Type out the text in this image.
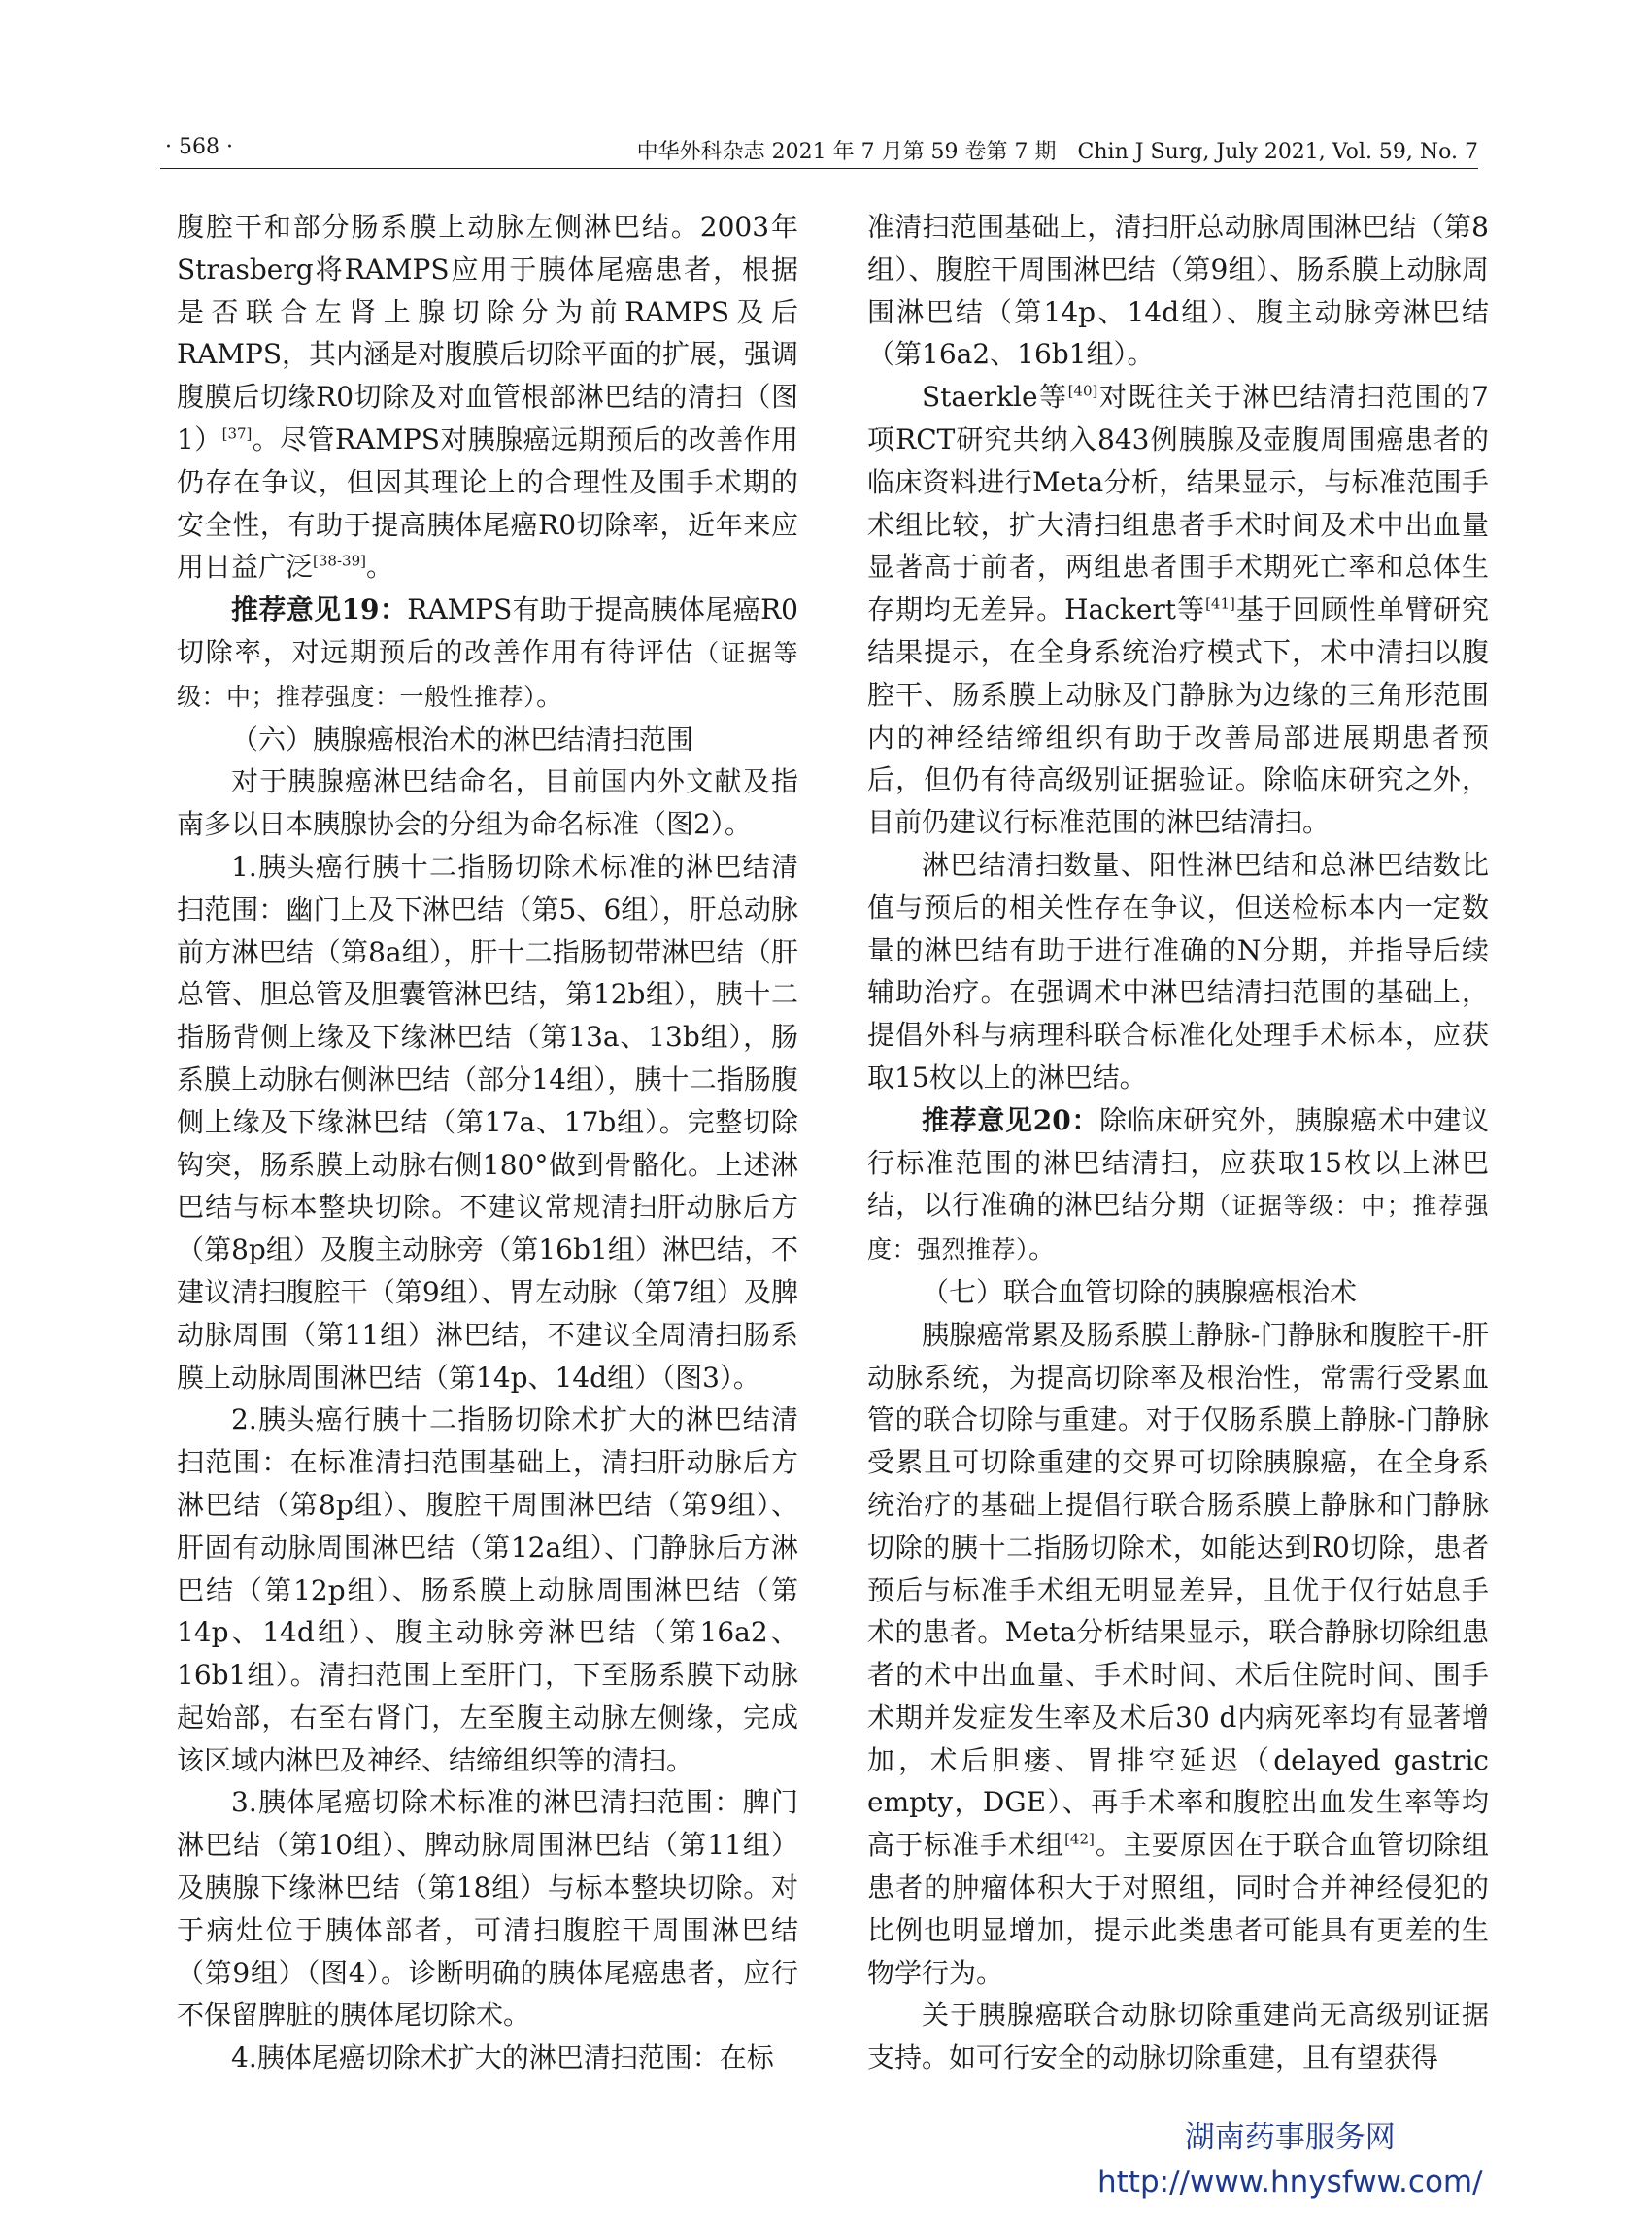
· 568 ·	中华外科杂志 2021 年 7 月第 59 卷第 7 期　Chin J Surg, July 2021, Vol. 59, No. 7

腹腔干和部分肠系膜上动脉左侧淋巴结。2003年Strasberg将RAMPS应用于胰体尾癌患者，根据是否联合左肾上腺切除分为前RAMPS及后RAMPS，其内涵是对腹膜后切除平面的扩展，强调腹膜后切缘R0切除及对血管根部淋巴结的清扫（图1）[37]。尽管RAMPS对胰腺癌远期预后的改善作用仍存在争议，但因其理论上的合理性及围手术期的安全性，有助于提高胰体尾癌R0切除率，近年来应用日益广泛[38-39]。

推荐意见19：RAMPS有助于提高胰体尾癌R0切除率，对远期预后的改善作用有待评估（证据等级：中；推荐强度：一般性推荐）。

（六）胰腺癌根治术的淋巴结清扫范围

对于胰腺癌淋巴结命名，目前国内外文献及指南多以日本胰腺协会的分组为命名标准（图2）。

1.胰头癌行胰十二指肠切除术标准的淋巴结清扫范围：幽门上及下淋巴结（第5、6组），肝总动脉前方淋巴结（第8a组），肝十二指肠韧带淋巴结（肝总管、胆总管及胆囊管淋巴结，第12b组），胰十二指肠背侧上缘及下缘淋巴结（第13a、13b组），肠系膜上动脉右侧淋巴结（部分14组），胰十二指肠腹侧上缘及下缘淋巴结（第17a、17b组）。完整切除钩突，肠系膜上动脉右侧180°做到骨骼化。上述淋巴结与标本整块切除。不建议常规清扫肝动脉后方（第8p组）及腹主动脉旁（第16b1组）淋巴结，不建议清扫腹腔干（第9组）、胃左动脉（第7组）及脾动脉周围（第11组）淋巴结，不建议全周清扫肠系膜上动脉周围淋巴结（第14p、14d组）（图3）。

2.胰头癌行胰十二指肠切除术扩大的淋巴结清扫范围：在标准清扫范围基础上，清扫肝动脉后方淋巴结（第8p组）、腹腔干周围淋巴结（第9组）、肝固有动脉周围淋巴结（第12a组）、门静脉后方淋巴结（第12p组）、肠系膜上动脉周围淋巴结（第14p、14d组）、腹主动脉旁淋巴结（第16a2、16b1组）。清扫范围上至肝门，下至肠系膜下动脉起始部，右至右肾门，左至腹主动脉左侧缘，完成该区域内淋巴及神经、结缔组织等的清扫。

3.胰体尾癌切除术标准的淋巴清扫范围：脾门淋巴结（第10组）、脾动脉周围淋巴结（第11组）及胰腺下缘淋巴结（第18组）与标本整块切除。对于病灶位于胰体部者，可清扫腹腔干周围淋巴结（第9组）（图4）。诊断明确的胰体尾癌患者，应行不保留脾脏的胰体尾切除术。

4.胰体尾癌切除术扩大的淋巴清扫范围：在标

准清扫范围基础上，清扫肝总动脉周围淋巴结（第8组）、腹腔干周围淋巴结（第9组）、肠系膜上动脉周围淋巴结（第14p、14d组）、腹主动脉旁淋巴结（第16a2、16b1组）。

Staerkle等[40]对既往关于淋巴结清扫范围的7项RCT研究共纳入843例胰腺及壶腹周围癌患者的临床资料进行Meta分析，结果显示，与标准范围手术组比较，扩大清扫组患者手术时间及术中出血量显著高于前者，两组患者围手术期死亡率和总体生存期均无差异。Hackert等[41]基于回顾性单臂研究结果提示，在全身系统治疗模式下，术中清扫以腹腔干、肠系膜上动脉及门静脉为边缘的三角形范围内的神经结缔组织有助于改善局部进展期患者预后，但仍有待高级别证据验证。除临床研究之外，目前仍建议行标准范围的淋巴结清扫。

淋巴结清扫数量、阳性淋巴结和总淋巴结数比值与预后的相关性存在争议，但送检标本内一定数量的淋巴结有助于进行准确的N分期，并指导后续辅助治疗。在强调术中淋巴结清扫范围的基础上，提倡外科与病理科联合标准化处理手术标本，应获取15枚以上的淋巴结。

推荐意见20：除临床研究外，胰腺癌术中建议行标准范围的淋巴结清扫，应获取15枚以上淋巴结，以行准确的淋巴结分期（证据等级：中；推荐强度：强烈推荐）。

（七）联合血管切除的胰腺癌根治术

胰腺癌常累及肠系膜上静脉-门静脉和腹腔干-肝动脉系统，为提高切除率及根治性，常需行受累血管的联合切除与重建。对于仅肠系膜上静脉-门静脉受累且可切除重建的交界可切除胰腺癌，在全身系统治疗的基础上提倡行联合肠系膜上静脉和门静脉切除的胰十二指肠切除术，如能达到R0切除，患者预后与标准手术组无明显差异，且优于仅行姑息手术的患者。Meta分析结果显示，联合静脉切除组患者的术中出血量、手术时间、术后住院时间、围手术期并发症发生率及术后30 d内病死率均有显著增加，术后胆瘘、胃排空延迟（delayed gastric empty，DGE）、再手术率和腹腔出血发生率等均高于标准手术组[42]。主要原因在于联合血管切除组患者的肿瘤体积大于对照组，同时合并神经侵犯的比例也明显增加，提示此类患者可能具有更差的生物学行为。

关于胰腺癌联合动脉切除重建尚无高级别证据支持。如可行安全的动脉切除重建，且有望获得

湖南药事服务网
http://www.hnysfww.com/
